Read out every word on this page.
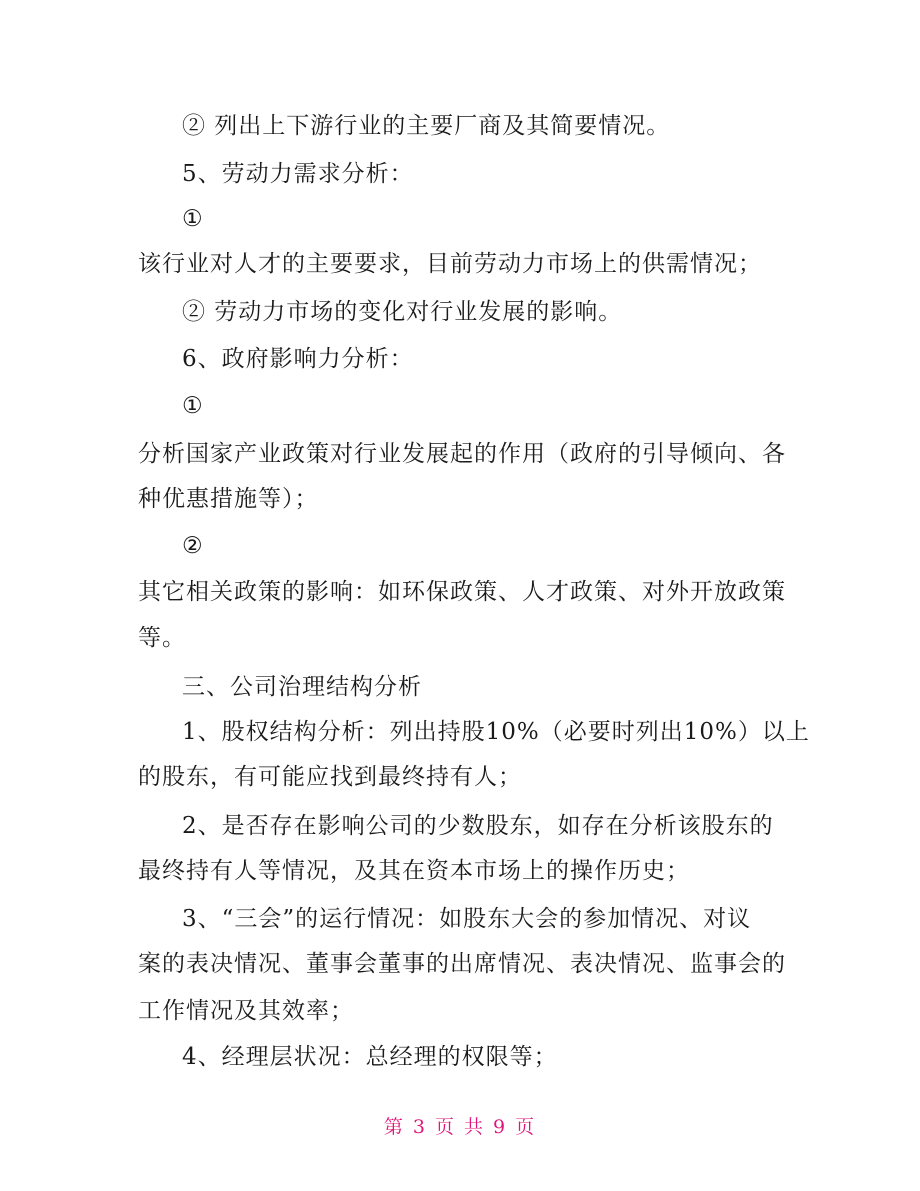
② 列出上下游行业的主要厂商及其简要情况。
5、劳动力需求分析：
①
该行业对人才的主要要求，目前劳动力市场上的供需情况；
② 劳动力市场的变化对行业发展的影响。
6、政府影响力分析：
①
分析国家产业政策对行业发展起的作用（政府的引导倾向、各
种优惠措施等）；
②
其它相关政策的影响：如环保政策、人才政策、对外开放政策
等。
三、公司治理结构分析
1、股权结构分析：列出持股10%（必要时列出10%）以上
的股东，有可能应找到最终持有人；
2、是否存在影响公司的少数股东，如存在分析该股东的
最终持有人等情况，及其在资本市场上的操作历史；
3、“三会”的运行情况：如股东大会的参加情况、对议
案的表决情况、董事会董事的出席情况、表决情况、监事会的
工作情况及其效率；
4、经理层状况：总经理的权限等；
第 3 页 共 9 页
